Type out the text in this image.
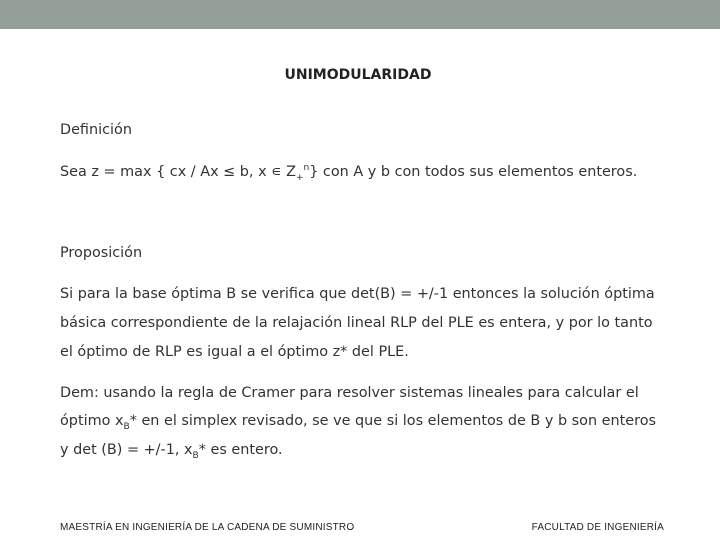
UNIMODULARIDAD
Definición
Sea z = max { cx / Ax ≤ b, x ∊ $Z_+^n$} con A y b con todos sus elementos enteros.
Proposición
Si para la base óptima B se verifica que det(B) = +/-1 entonces la solución óptima
básica correspondiente de la relajación lineal RLP del PLE es entera, y por lo tanto
el óptimo de RLP es igual a el óptimo z* del PLE.
Dem: usando la regla de Cramer para resolver sistemas lineales para calcular el
óptimo $x_B*$ en el simplex revisado, se ve que si los elementos de B y b son enteros
y det (B) = +/-1, $x_B*$ es entero.
MAESTRÍA EN INGENIERÍA DE LA CADENA DE SUMINISTRO	FACULTAD DE INGENIERÍA
